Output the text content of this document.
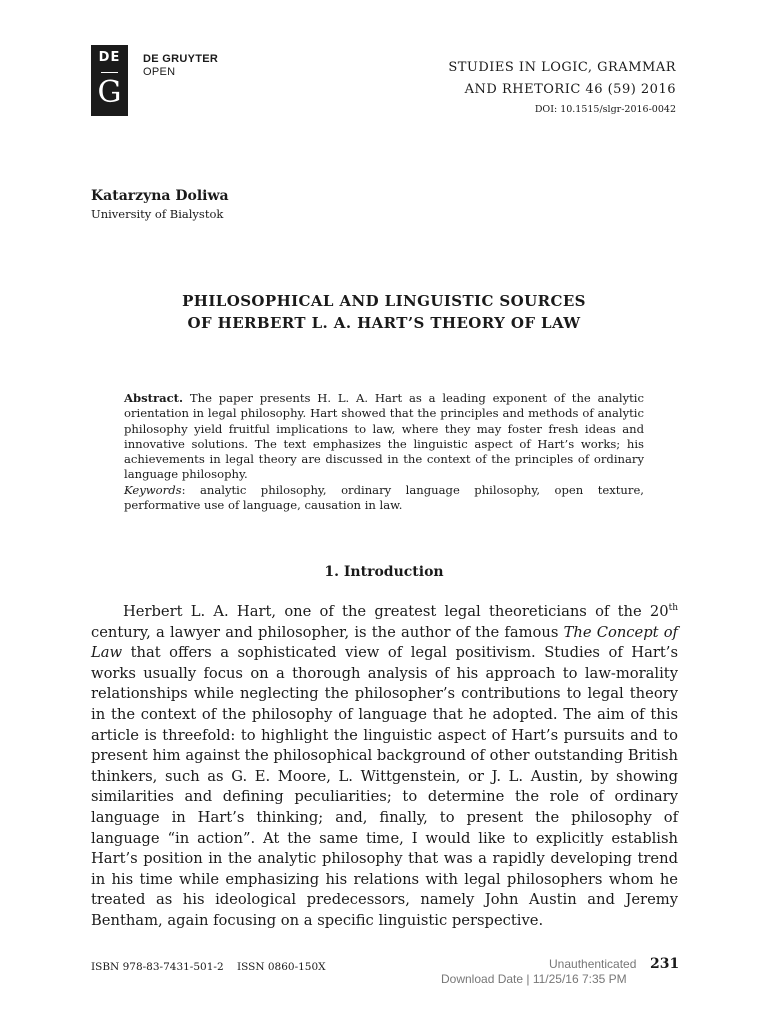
DE
G
DE GRUYTER
OPEN	STUDIES IN LOGIC, GRAMMAR
AND RHETORIC 46 (59) 2016
DOI: 10.1515/slgr-2016-0042
Katarzyna Doliwa
University of Bialystok
PHILOSOPHICAL AND LINGUISTIC SOURCES
OF HERBERT L. A. HART’S THEORY OF LAW

Abstract. The paper presents H. L. A. Hart as a leading exponent of the analytic orientation in legal philosophy. Hart showed that the principles and methods of analytic philosophy yield fruitful implications to law, where they may foster fresh ideas and innovative solutions. The text emphasizes the linguistic aspect of Hart’s works; his achievements in legal theory are discussed in the context of the principles of ordinary language philosophy.

Keywords: analytic philosophy, ordinary language philosophy, open texture, performative use of language, causation in law.

1. Introduction

Herbert L. A. Hart, one of the greatest legal theoreticians of the 20th century, a lawyer and philosopher, is the author of the famous The Concept of Law that offers a sophisticated view of legal positivism. Studies of Hart’s works usually focus on a thorough analysis of his approach to law-morality relationships while neglecting the philosopher’s contributions to legal theory in the context of the philosophy of language that he adopted. The aim of this article is threefold: to highlight the linguistic aspect of Hart’s pursuits and to present him against the philosophical background of other outstanding British thinkers, such as G. E. Moore, L. Wittgenstein, or J. L. Austin, by showing similarities and defining peculiarities; to determine the role of ordinary language in Hart’s thinking; and, finally, to present the philosophy of language “in action”. At the same time, I would like to explicitly establish Hart’s position in the analytic philosophy that was a rapidly developing trend in his time while emphasizing his relations with legal philosophers whom he treated as his ideological predecessors, namely John Austin and Jeremy Bentham, again focusing on a specific linguistic perspective.

ISBN 978-83-7431-501-2    ISSN 0860-150X	Unauthenticated 231
Download Date | 11/25/16 7:35 PM
